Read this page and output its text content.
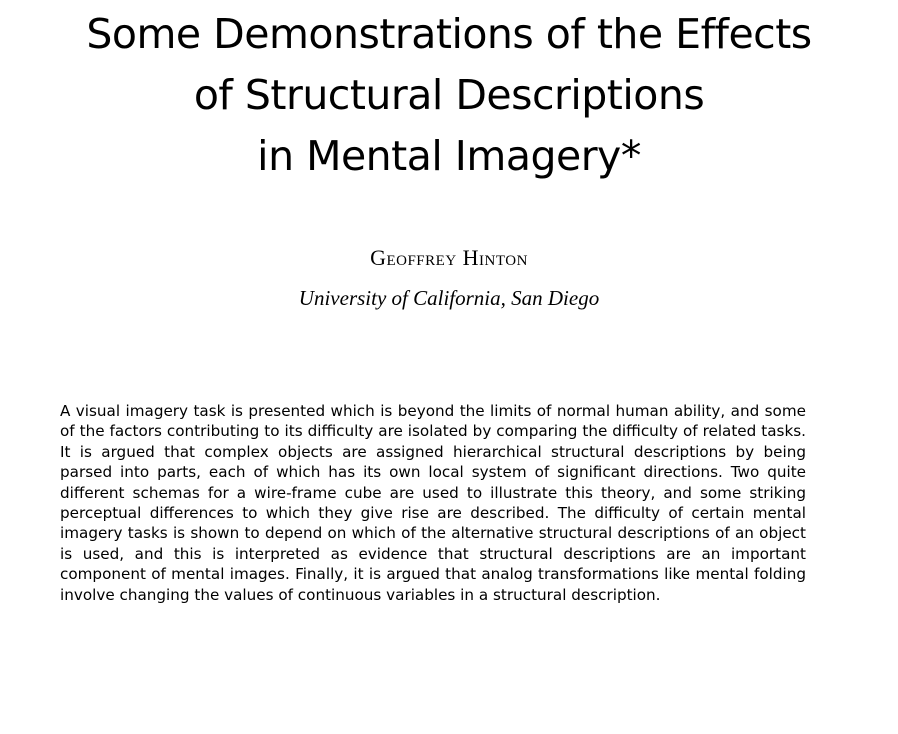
Some Demonstrations of the Effects
of Structural Descriptions
in Mental Imagery*

Geoffrey Hinton

University of California, San Diego

A visual imagery task is presented which is beyond the limits of normal human ability, and some of the factors contributing to its difficulty are isolated by comparing the difficulty of related tasks. It is argued that complex objects are assigned hierarchical structural descriptions by being parsed into parts, each of which has its own local system of significant directions. Two quite different schemas for a wire-frame cube are used to illustrate this theory, and some striking perceptual differences to which they give rise are described. The difficulty of certain mental imagery tasks is shown to depend on which of the alternative structural descriptions of an object is used, and this is interpreted as evidence that structural descriptions are an important component of mental images. Finally, it is argued that analog transformations like mental folding involve changing the values of continuous variables in a structural description.
